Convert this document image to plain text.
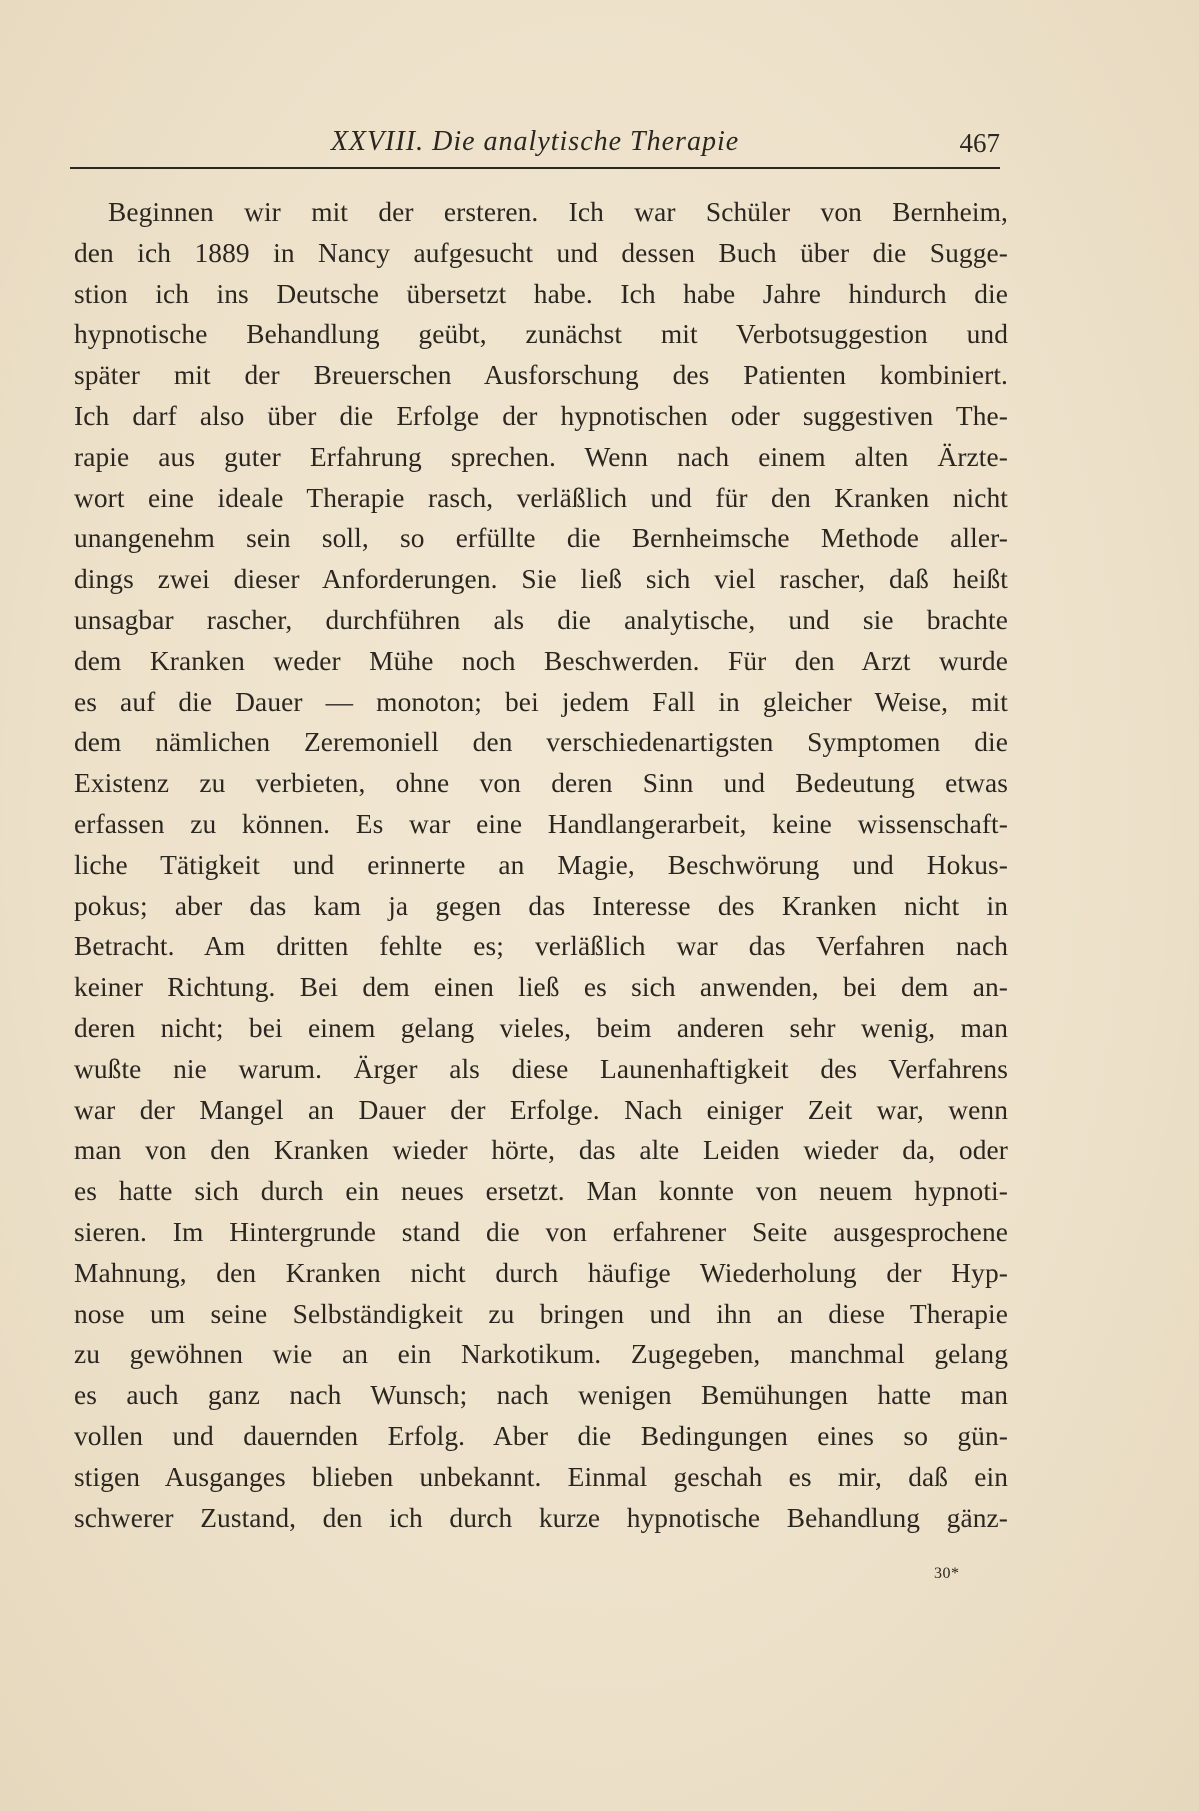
XXVIII. Die analytische Therapie	467
Beginnen wir mit der ersteren. Ich war Schüler von Bernheim,
den ich 1889 in Nancy aufgesucht und dessen Buch über die Sugge-
stion ich ins Deutsche übersetzt habe. Ich habe Jahre hindurch die
hypnotische Behandlung geübt, zunächst mit Verbotsuggestion und
später mit der Breuerschen Ausforschung des Patienten kombiniert.
Ich darf also über die Erfolge der hypnotischen oder suggestiven The-
rapie aus guter Erfahrung sprechen. Wenn nach einem alten Ärzte-
wort eine ideale Therapie rasch, verläßlich und für den Kranken nicht
unangenehm sein soll, so erfüllte die Bernheimsche Methode aller-
dings zwei dieser Anforderungen. Sie ließ sich viel rascher, daß heißt
unsagbar rascher, durchführen als die analytische, und sie brachte
dem Kranken weder Mühe noch Beschwerden. Für den Arzt wurde
es auf die Dauer — monoton; bei jedem Fall in gleicher Weise, mit
dem nämlichen Zeremoniell den verschiedenartigsten Symptomen die
Existenz zu verbieten, ohne von deren Sinn und Bedeutung etwas
erfassen zu können. Es war eine Handlangerarbeit, keine wissenschaft-
liche Tätigkeit und erinnerte an Magie, Beschwörung und Hokus-
pokus; aber das kam ja gegen das Interesse des Kranken nicht in
Betracht. Am dritten fehlte es; verläßlich war das Verfahren nach
keiner Richtung. Bei dem einen ließ es sich anwenden, bei dem an-
deren nicht; bei einem gelang vieles, beim anderen sehr wenig, man
wußte nie warum. Ärger als diese Launenhaftigkeit des Verfahrens
war der Mangel an Dauer der Erfolge. Nach einiger Zeit war, wenn
man von den Kranken wieder hörte, das alte Leiden wieder da, oder
es hatte sich durch ein neues ersetzt. Man konnte von neuem hypnoti-
sieren. Im Hintergrunde stand die von erfahrener Seite ausgesprochene
Mahnung, den Kranken nicht durch häufige Wiederholung der Hyp-
nose um seine Selbständigkeit zu bringen und ihn an diese Therapie
zu gewöhnen wie an ein Narkotikum. Zugegeben, manchmal gelang
es auch ganz nach Wunsch; nach wenigen Bemühungen hatte man
vollen und dauernden Erfolg. Aber die Bedingungen eines so gün-
stigen Ausganges blieben unbekannt. Einmal geschah es mir, daß ein
schwerer Zustand, den ich durch kurze hypnotische Behandlung gänz-
30*
